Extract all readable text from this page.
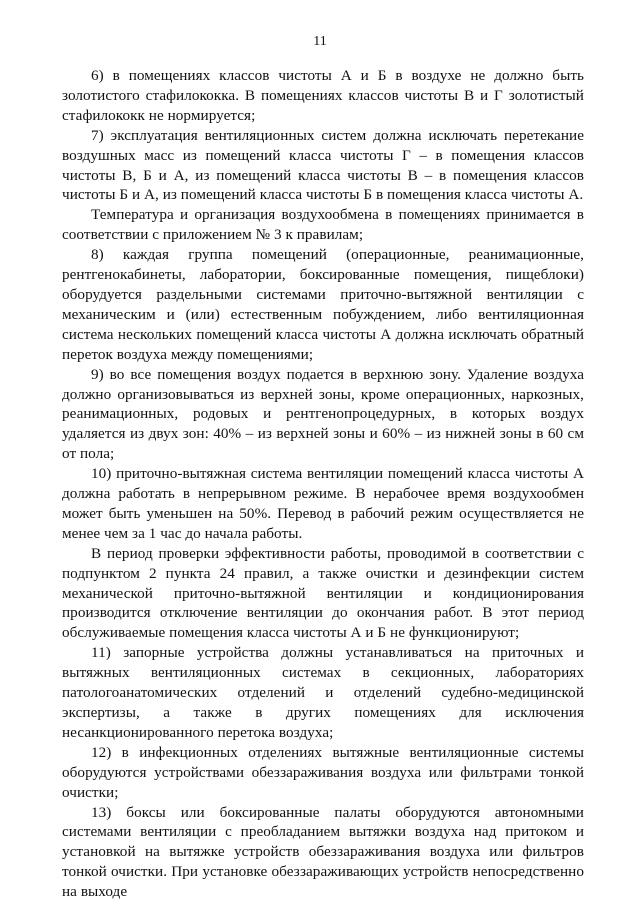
11

6) в помещениях классов чистоты А и Б в воздухе не должно быть золотистого стафилококка. В помещениях классов чистоты В и Г золотистый стафилококк не нормируется;

7) эксплуатация вентиляционных систем должна исключать перетекание воздушных масс из помещений класса чистоты Г – в помещения классов чистоты В, Б и А, из помещений класса чистоты В – в помещения классов чистоты Б и А, из помещений класса чистоты Б в помещения класса чистоты А.

Температура и организация воздухообмена в помещениях принимается в соответствии с приложением № 3 к правилам;

8) каждая группа помещений (операционные, реанимационные, рентгенокабинеты, лаборатории, боксированные помещения, пищеблоки) оборудуется раздельными системами приточно-вытяжной вентиляции с механическим и (или) естественным побуждением, либо вентиляционная система нескольких помещений класса чистоты А должна исключать обратный переток воздуха между помещениями;

9) во все помещения воздух подается в верхнюю зону. Удаление воздуха должно организовываться из верхней зоны, кроме операционных, наркозных, реанимационных, родовых и рентгенопроцедурных, в которых воздух удаляется из двух зон: 40% – из верхней зоны и 60% – из нижней зоны в 60 см от пола;

10) приточно-вытяжная система вентиляции помещений класса чистоты А должна работать в непрерывном режиме. В нерабочее время воздухообмен может быть уменьшен на 50%. Перевод в рабочий режим осуществляется не менее чем за 1 час до начала работы.

В период проверки эффективности работы, проводимой в соответствии с подпунктом 2 пункта 24 правил, а также очистки и дезинфекции систем механической приточно-вытяжной вентиляции и кондиционирования производится отключение вентиляции до окончания работ. В этот период обслуживаемые помещения класса чистоты А и Б не функционируют;

11) запорные устройства должны устанавливаться на приточных и вытяжных вентиляционных системах в секционных, лабораториях патологоанатомических отделений и отделений судебно-медицинской экспертизы, а также в других помещениях для исключения несанкционированного перетока воздуха;

12) в инфекционных отделениях вытяжные вентиляционные системы оборудуются устройствами обеззараживания воздуха или фильтрами тонкой очистки;

13) боксы или боксированные палаты оборудуются автономными системами вентиляции с преобладанием вытяжки воздуха над притоком и установкой на вытяжке устройств обеззараживания воздуха или фильтров тонкой очистки. При установке обеззараживающих устройств непосредственно на выходе
